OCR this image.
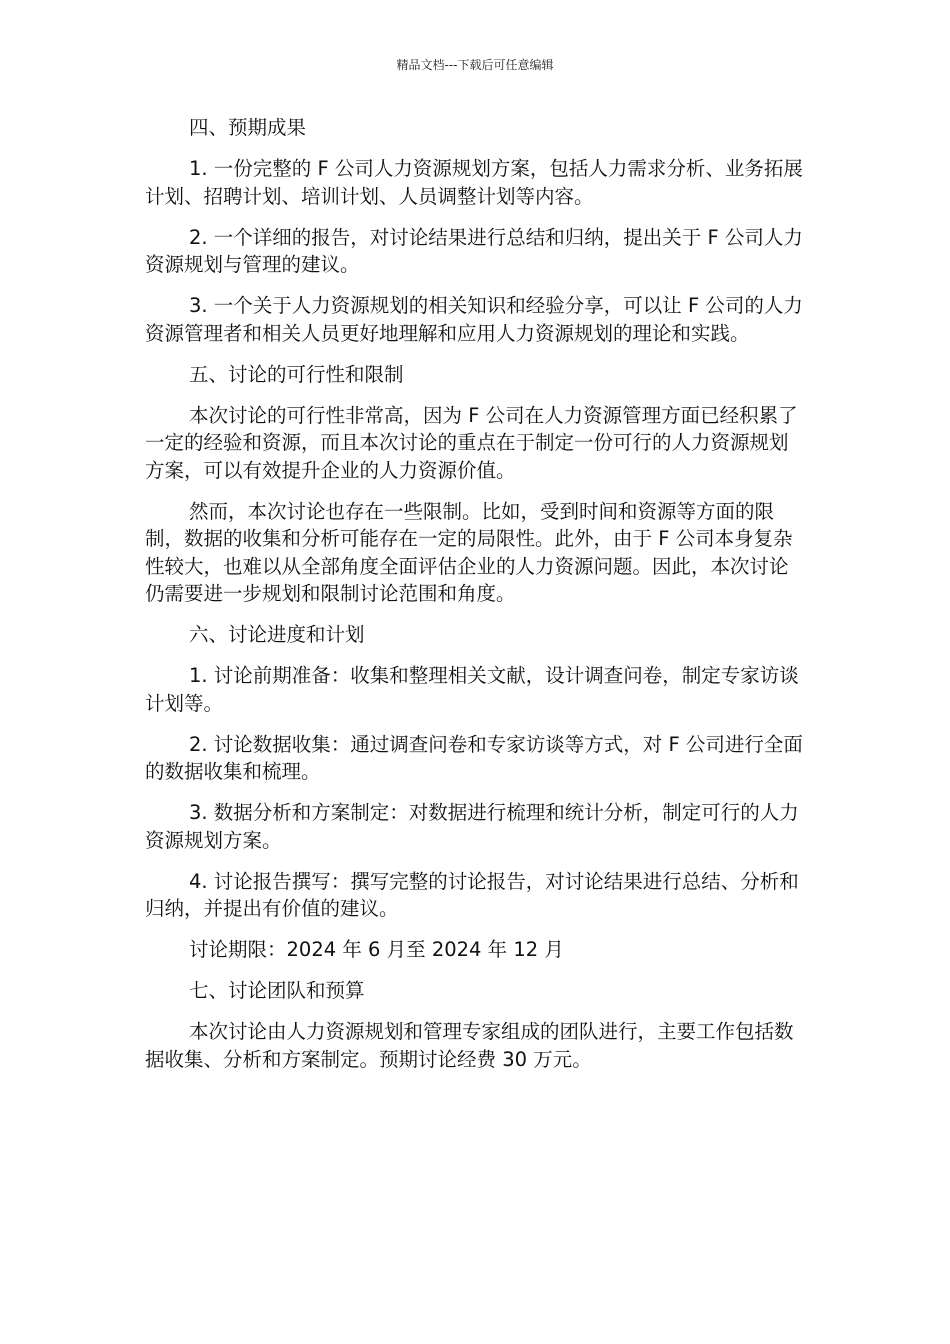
精品文档---下载后可任意编辑

四、预期成果

1. 一份完整的 F 公司人力资源规划方案，包括人力需求分析、业务拓展计划、招聘计划、培训计划、人员调整计划等内容。

2. 一个详细的报告，对讨论结果进行总结和归纳，提出关于 F 公司人力资源规划与管理的建议。

3. 一个关于人力资源规划的相关知识和经验分享，可以让 F 公司的人力资源管理者和相关人员更好地理解和应用人力资源规划的理论和实践。

五、讨论的可行性和限制

本次讨论的可行性非常高，因为 F 公司在人力资源管理方面已经积累了一定的经验和资源，而且本次讨论的重点在于制定一份可行的人力资源规划方案，可以有效提升企业的人力资源价值。

然而，本次讨论也存在一些限制。比如，受到时间和资源等方面的限制，数据的收集和分析可能存在一定的局限性。此外，由于 F 公司本身复杂性较大，也难以从全部角度全面评估企业的人力资源问题。因此，本次讨论仍需要进一步规划和限制讨论范围和角度。

六、讨论进度和计划

1. 讨论前期准备：收集和整理相关文献，设计调查问卷，制定专家访谈计划等。

2. 讨论数据收集：通过调查问卷和专家访谈等方式，对 F 公司进行全面的数据收集和梳理。

3. 数据分析和方案制定：对数据进行梳理和统计分析，制定可行的人力资源规划方案。

4. 讨论报告撰写：撰写完整的讨论报告，对讨论结果进行总结、分析和归纳，并提出有价值的建议。

讨论期限：2024 年 6 月至 2024 年 12 月

七、讨论团队和预算

本次讨论由人力资源规划和管理专家组成的团队进行，主要工作包括数据收集、分析和方案制定。预期讨论经费 30 万元。
